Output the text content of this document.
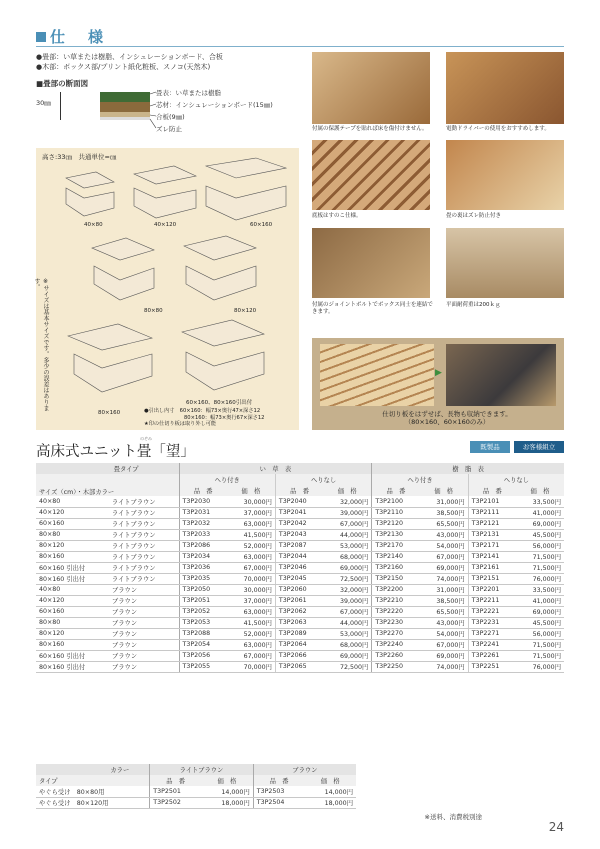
仕　様
●畳部：い草または樹脂、インシュレーションボード、合板
●木部：ボックス部/プリント紙化粧板、スノコ(天然木)
■畳部の断面図
30㎜
畳表：い草または樹脂
芯材：インシュレーションボード(15㎜)
合板(9㎜)
ズレ防止
高さ:33㎝　共通単位=㎝
40×80	40×120	60×160
80×80	80×120
80×160
60×160、80×160引出付
※サイズは基本サイズです。多少の誤差はあります。
●引出し内寸　60×160：幅73×奥行47×深さ12
80×160：幅73×奥行67×深さ12
★印の仕切り板は取り外し可能
付属の保護テープを貼れば床を傷付けません。	電動ドライバーの使用をおすすめします。
底板はすのこ仕様。	畳の裏はズレ防止付き
付属のジョイントボルトでボックス同士を連結できます。
平面耐荷重は200ｋｇ
▶
仕切り板をはずせば、長物も収納できます。
（80×160、60×160のみ）
高床式ユニット畳「望」
のぞみ
既製品	お客様組立
畳タイプ		い　草　表				樹　脂　表			
サイズ（cm）・木部カラー		へり付き		へりなし		へり付き		へりなし	
		品　番	価　格	品　番	価　格	品　番	価　格	品　番	価　格
40×80	ライトブラウン	T3P2030	30,000円	T3P2040	32,000円	T3P2100	31,000円	T3P2101	33,500円
40×120	ライトブラウン	T3P2031	37,000円	T3P2041	39,000円	T3P2110	38,500円	T3P2111	41,000円
60×160	ライトブラウン	T3P2032	63,000円	T3P2042	67,000円	T3P2120	65,500円	T3P2121	69,000円
80×80	ライトブラウン	T3P2033	41,500円	T3P2043	44,000円	T3P2130	43,000円	T3P2131	45,500円
80×120	ライトブラウン	T3P2086	52,000円	T3P2087	53,000円	T3P2170	54,000円	T3P2171	56,000円
80×160	ライトブラウン	T3P2034	63,000円	T3P2044	68,000円	T3P2140	67,000円	T3P2141	71,500円
60×160 引出付	ライトブラウン	T3P2036	67,000円	T3P2046	69,000円	T3P2160	69,000円	T3P2161	71,500円
80×160 引出付	ライトブラウン	T3P2035	70,000円	T3P2045	72,500円	T3P2150	74,000円	T3P2151	76,000円
40×80	ブラウン	T3P2050	30,000円	T3P2060	32,000円	T3P2200	31,000円	T3P2201	33,500円
40×120	ブラウン	T3P2051	37,000円	T3P2061	39,000円	T3P2210	38,500円	T3P2211	41,000円
60×160	ブラウン	T3P2052	63,000円	T3P2062	67,000円	T3P2220	65,500円	T3P2221	69,000円
80×80	ブラウン	T3P2053	41,500円	T3P2063	44,000円	T3P2230	43,000円	T3P2231	45,500円
80×120	ブラウン	T3P2088	52,000円	T3P2089	53,000円	T3P2270	54,000円	T3P2271	56,000円
80×160	ブラウン	T3P2054	63,000円	T3P2064	68,000円	T3P2240	67,000円	T3P2241	71,500円
60×160 引出付	ブラウン	T3P2056	67,000円	T3P2066	69,000円	T3P2260	69,000円	T3P2261	71,500円
80×160 引出付	ブラウン	T3P2055	70,000円	T3P2065	72,500円	T3P2250	74,000円	T3P2251	76,000円
カラー	ライトブラウン		ブラウン	
タイプ	品　番	価　格	品　番	価　格
やぐら受け　80×80用	T3P2501	14,000円	T3P2503	14,000円
やぐら受け　80×120用	T3P2502	18,000円	T3P2504	18,000円
※送料、消費税別途
24
